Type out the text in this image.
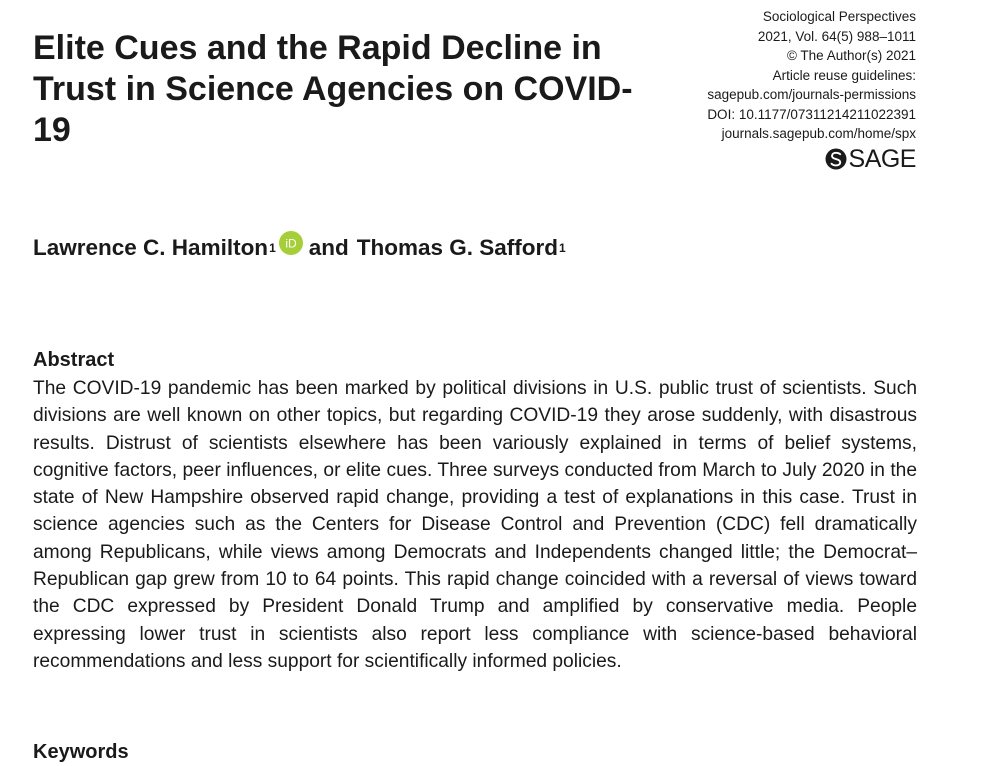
Elite Cues and the Rapid Decline in Trust in Science Agencies on COVID-19
Sociological Perspectives
2021, Vol. 64(5) 988–1011
© The Author(s) 2021
Article reuse guidelines:
sagepub.com/journals-permissions
DOI: 10.1177/07311214211022391
journals.sagepub.com/home/spx
SAGE
Lawrence C. Hamilton 1 iD and Thomas G. Safford 1
Abstract

The COVID-19 pandemic has been marked by political divisions in U.S. public trust of scientists. Such divisions are well known on other topics, but regarding COVID-19 they arose suddenly, with disastrous results. Distrust of scientists elsewhere has been variously explained in terms of belief systems, cognitive factors, peer influences, or elite cues. Three surveys conducted from March to July 2020 in the state of New Hampshire observed rapid change, providing a test of explanations in this case. Trust in science agencies such as the Centers for Disease Control and Prevention (CDC) fell dramatically among Republicans, while views among Democrats and Independents changed little; the Democrat–Republican gap grew from 10 to 64 points. This rapid change coincided with a reversal of views toward the CDC expressed by President Donald Trump and amplified by conservative media. People expressing lower trust in scientists also report less compliance with science-based behavioral recommendations and less support for scientifically informed policies.

Keywords
